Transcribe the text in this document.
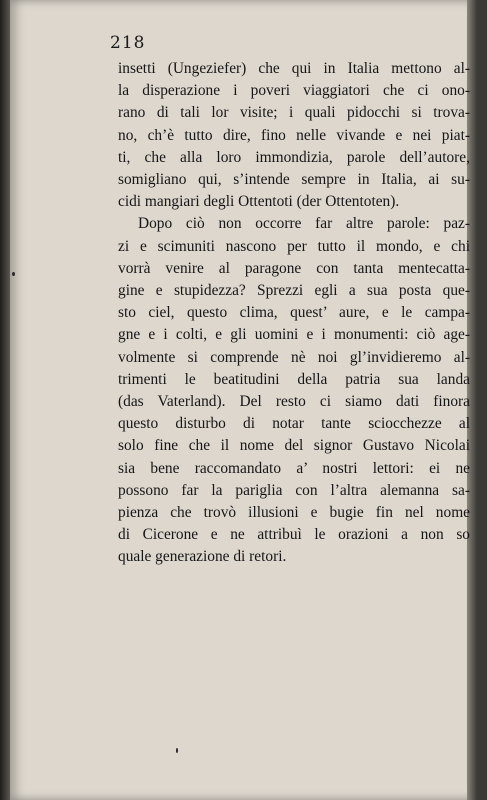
218
insetti (Ungeziefer) che qui in Italia mettono al-
la disperazione i poveri viaggiatori che ci ono-
rano di tali lor visite; i quali pidocchi si trova-
no, ch’è tutto dire, fino nelle vivande e nei piat-
ti, che alla loro immondizia, parole dell’autore,
somigliano qui, s’intende sempre in Italia, ai su-
cidi mangiari degli Ottentoti (der Ottentoten).
Dopo ciò non occorre far altre parole: paz-
zi e scimuniti nascono per tutto il mondo, e chi
vorrà venire al paragone con tanta mentecatta-
gine e stupidezza? Sprezzi egli a sua posta que-
sto ciel, questo clima, quest’ aure, e le campa-
gne e i colti, e gli uomini e i monumenti: ciò age-
volmente si comprende nè noi gl’invidieremo al-
trimenti le beatitudini della patria sua landa
(das Vaterland). Del resto ci siamo dati finora
questo disturbo di notar tante sciocchezze al
solo fine che il nome del signor Gustavo Nicolai
sia bene raccomandato a’ nostri lettori: ei ne
possono far la pariglia con l’altra alemanna sa-
pienza che trovò illusioni e bugie fin nel nome
di Cicerone e ne attribuì le orazioni a non so
quale generazione di retori.
